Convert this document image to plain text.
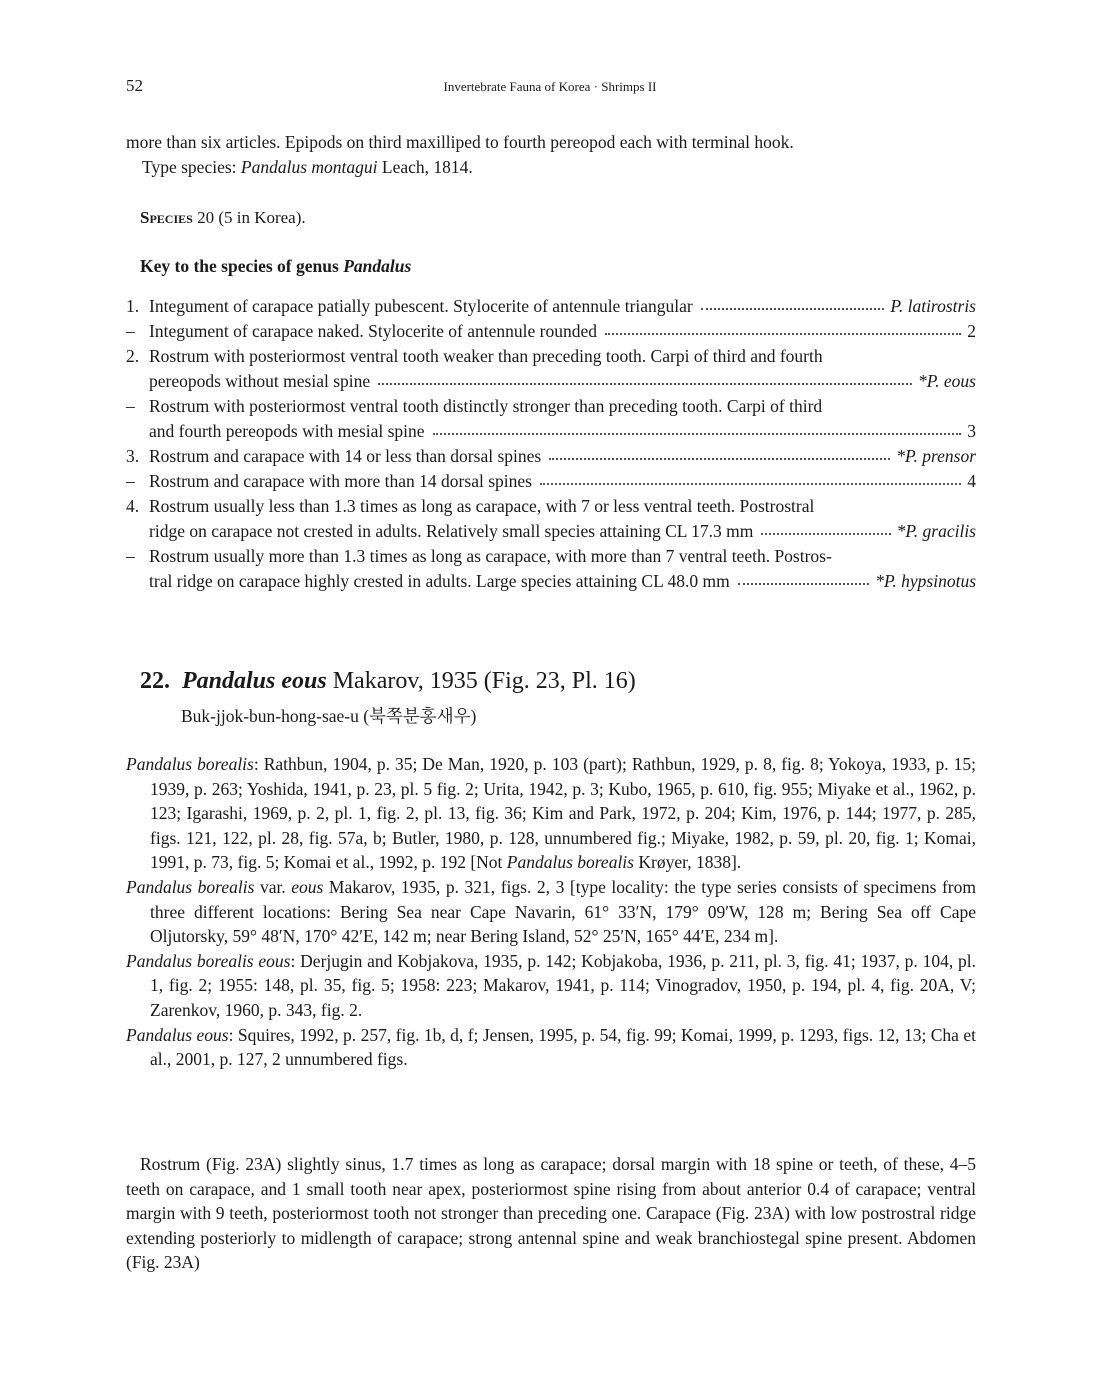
52	Invertebrate Fauna of Korea · Shrimps II
more than six articles. Epipods on third maxilliped to fourth pereopod each with terminal hook.
Type species: Pandalus montagui Leach, 1814.
Species 20 (5 in Korea).
Key to the species of genus Pandalus
1. Integument of carapace patially pubescent. Stylocerite of antennule triangular	P. latirostris
– Integument of carapace naked. Stylocerite of antennule rounded	2
2. Rostrum with posteriormost ventral tooth weaker than preceding tooth. Carpi of third and fourth
pereopods without mesial spine	*P. eous
– Rostrum with posteriormost ventral tooth distinctly stronger than preceding tooth. Carpi of third
and fourth pereopods with mesial spine	3
3. Rostrum and carapace with 14 or less than dorsal spines	*P. prensor
– Rostrum and carapace with more than 14 dorsal spines	4
4. Rostrum usually less than 1.3 times as long as carapace, with 7 or less ventral teeth. Postrostral
ridge on carapace not crested in adults. Relatively small species attaining CL 17.3 mm	*P. gracilis
– Rostrum usually more than 1.3 times as long as carapace, with more than 7 ventral teeth. Postros-
tral ridge on carapace highly crested in adults. Large species attaining CL 48.0 mm	*P. hypsinotus
22. Pandalus eous Makarov, 1935 (Fig. 23, Pl. 16)
Buk-jjok-bun-hong-sae-u (북쪽분홍새우)

Pandalus borealis: Rathbun, 1904, p. 35; De Man, 1920, p. 103 (part); Rathbun, 1929, p. 8, fig. 8; Yokoya, 1933, p. 15; 1939, p. 263; Yoshida, 1941, p. 23, pl. 5 fig. 2; Urita, 1942, p. 3; Kubo, 1965, p. 610, fig. 955; Miyake et al., 1962, p. 123; Igarashi, 1969, p. 2, pl. 1, fig. 2, pl. 13, fig. 36; Kim and Park, 1972, p. 204; Kim, 1976, p. 144; 1977, p. 285, figs. 121, 122, pl. 28, fig. 57a, b; Butler, 1980, p. 128, unnumbered fig.; Miyake, 1982, p. 59, pl. 20, fig. 1; Komai, 1991, p. 73, fig. 5; Komai et al., 1992, p. 192 [Not Pandalus borealis Krøyer, 1838].

Pandalus borealis var. eous Makarov, 1935, p. 321, figs. 2, 3 [type locality: the type series consists of specimens from three different locations: Bering Sea near Cape Navarin, 61° 33′N, 179° 09′W, 128 m; Bering Sea off Cape Oljutorsky, 59° 48′N, 170° 42′E, 142 m; near Bering Island, 52° 25′N, 165° 44′E, 234 m].

Pandalus borealis eous: Derjugin and Kobjakova, 1935, p. 142; Kobjakoba, 1936, p. 211, pl. 3, fig. 41; 1937, p. 104, pl. 1, fig. 2; 1955: 148, pl. 35, fig. 5; 1958: 223; Makarov, 1941, p. 114; Vinogradov, 1950, p. 194, pl. 4, fig. 20A, V; Zarenkov, 1960, p. 343, fig. 2.

Pandalus eous: Squires, 1992, p. 257, fig. 1b, d, f; Jensen, 1995, p. 54, fig. 99; Komai, 1999, p. 1293, figs. 12, 13; Cha et al., 2001, p. 127, 2 unnumbered figs.

Rostrum (Fig. 23A) slightly sinus, 1.7 times as long as carapace; dorsal margin with 18 spine or teeth, of these, 4–5 teeth on carapace, and 1 small tooth near apex, posteriormost spine rising from about anterior 0.4 of carapace; ventral margin with 9 teeth, posteriormost tooth not stronger than preceding one. Carapace (Fig. 23A) with low postrostral ridge extending posteriorly to midlength of carapace; strong antennal spine and weak branchiostegal spine present. Abdomen (Fig. 23A)
